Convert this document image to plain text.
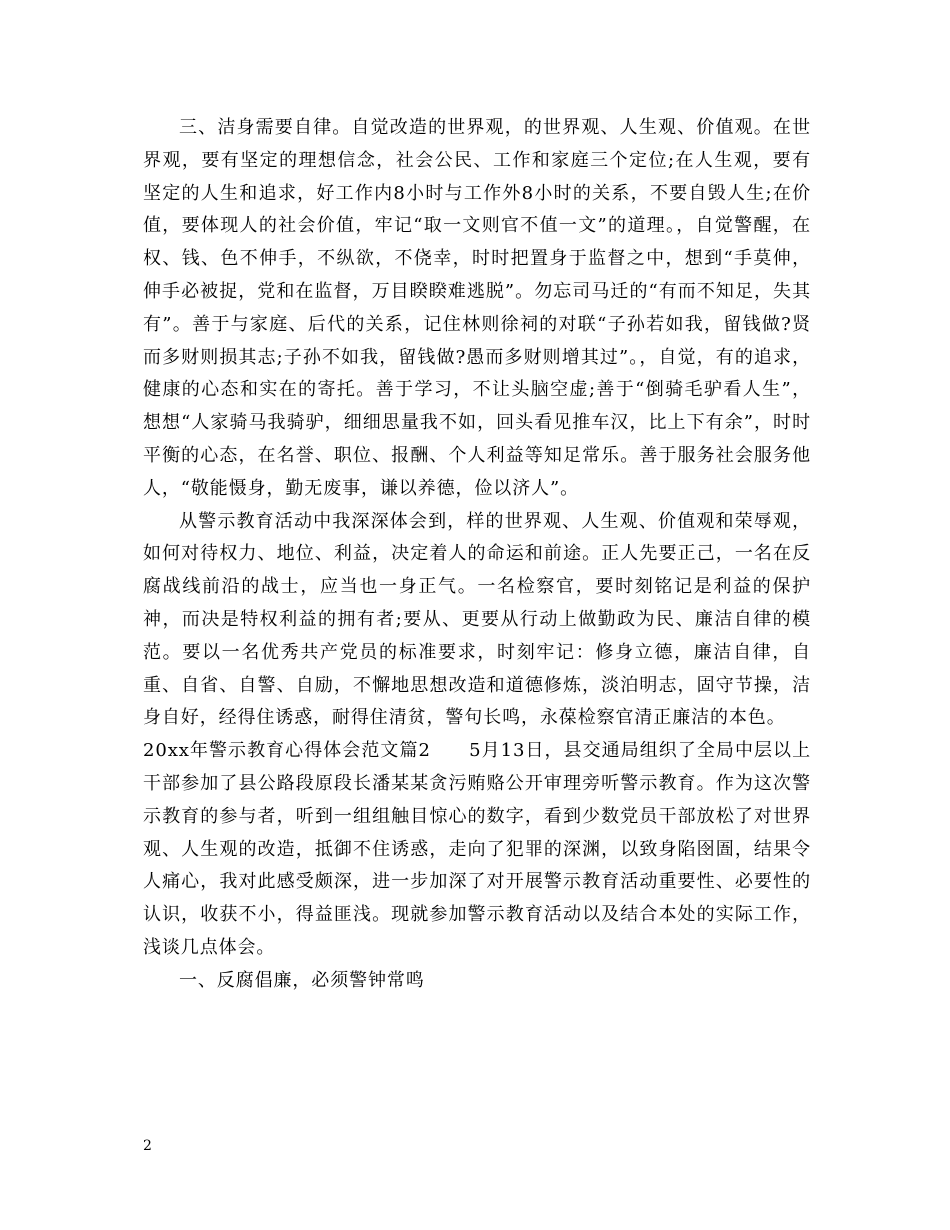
三、洁身需要自律。自觉改造的世界观，的世界观、人生观、价值观。在世界观，要有坚定的理想信念，社会公民、工作和家庭三个定位;在人生观，要有坚定的人生和追求，好工作内8小时与工作外8小时的关系，不要自毁人生;在价值，要体现人的社会价值，牢记“取一文则官不值一文”的道理。，自觉警醒，在权、钱、色不伸手，不纵欲，不侥幸，时时把置身于监督之中，想到“手莫伸，伸手必被捉，党和在监督，万目睽睽难逃脱”。勿忘司马迁的“有而不知足，失其有”。善于与家庭、后代的关系，记住林则徐祠的对联“子孙若如我，留钱做?贤而多财则损其志;子孙不如我，留钱做?愚而多财则增其过”。，自觉，有的追求，健康的心态和实在的寄托。善于学习，不让头脑空虚;善于“倒骑毛驴看人生”，想想“人家骑马我骑驴，细细思量我不如，回头看见推车汉，比上下有余”，时时平衡的心态，在名誉、职位、报酬、个人利益等知足常乐。善于服务社会服务他人，“敬能慑身，勤无废事，谦以养德，俭以济人”。

从警示教育活动中我深深体会到，样的世界观、人生观、价值观和荣辱观，如何对待权力、地位、利益，决定着人的命运和前途。正人先要正己，一名在反腐战线前沿的战士，应当也一身正气。一名检察官，要时刻铭记是利益的保护神，而决是特权利益的拥有者;要从、更要从行动上做勤政为民、廉洁自律的模范。要以一名优秀共产党员的标准要求，时刻牢记：修身立德，廉洁自律，自重、自省、自警、自励，不懈地思想改造和道德修炼，淡泊明志，固守节操，洁身自好，经得住诱惑，耐得住清贫，警句长鸣，永葆检察官清正廉洁的本色。

20xx年警示教育心得体会范文篇2　　5月13日，县交通局组织了全局中层以上干部参加了县公路段原段长潘某某贪污贿赂公开审理旁听警示教育。作为这次警示教育的参与者，听到一组组触目惊心的数字，看到少数党员干部放松了对世界观、人生观的改造，抵御不住诱惑，走向了犯罪的深渊，以致身陷囹圄，结果令人痛心，我对此感受颇深，进一步加深了对开展警示教育活动重要性、必要性的认识，收获不小，得益匪浅。现就参加警示教育活动以及结合本处的实际工作，浅谈几点体会。

一、反腐倡廉，必须警钟常鸣

2
